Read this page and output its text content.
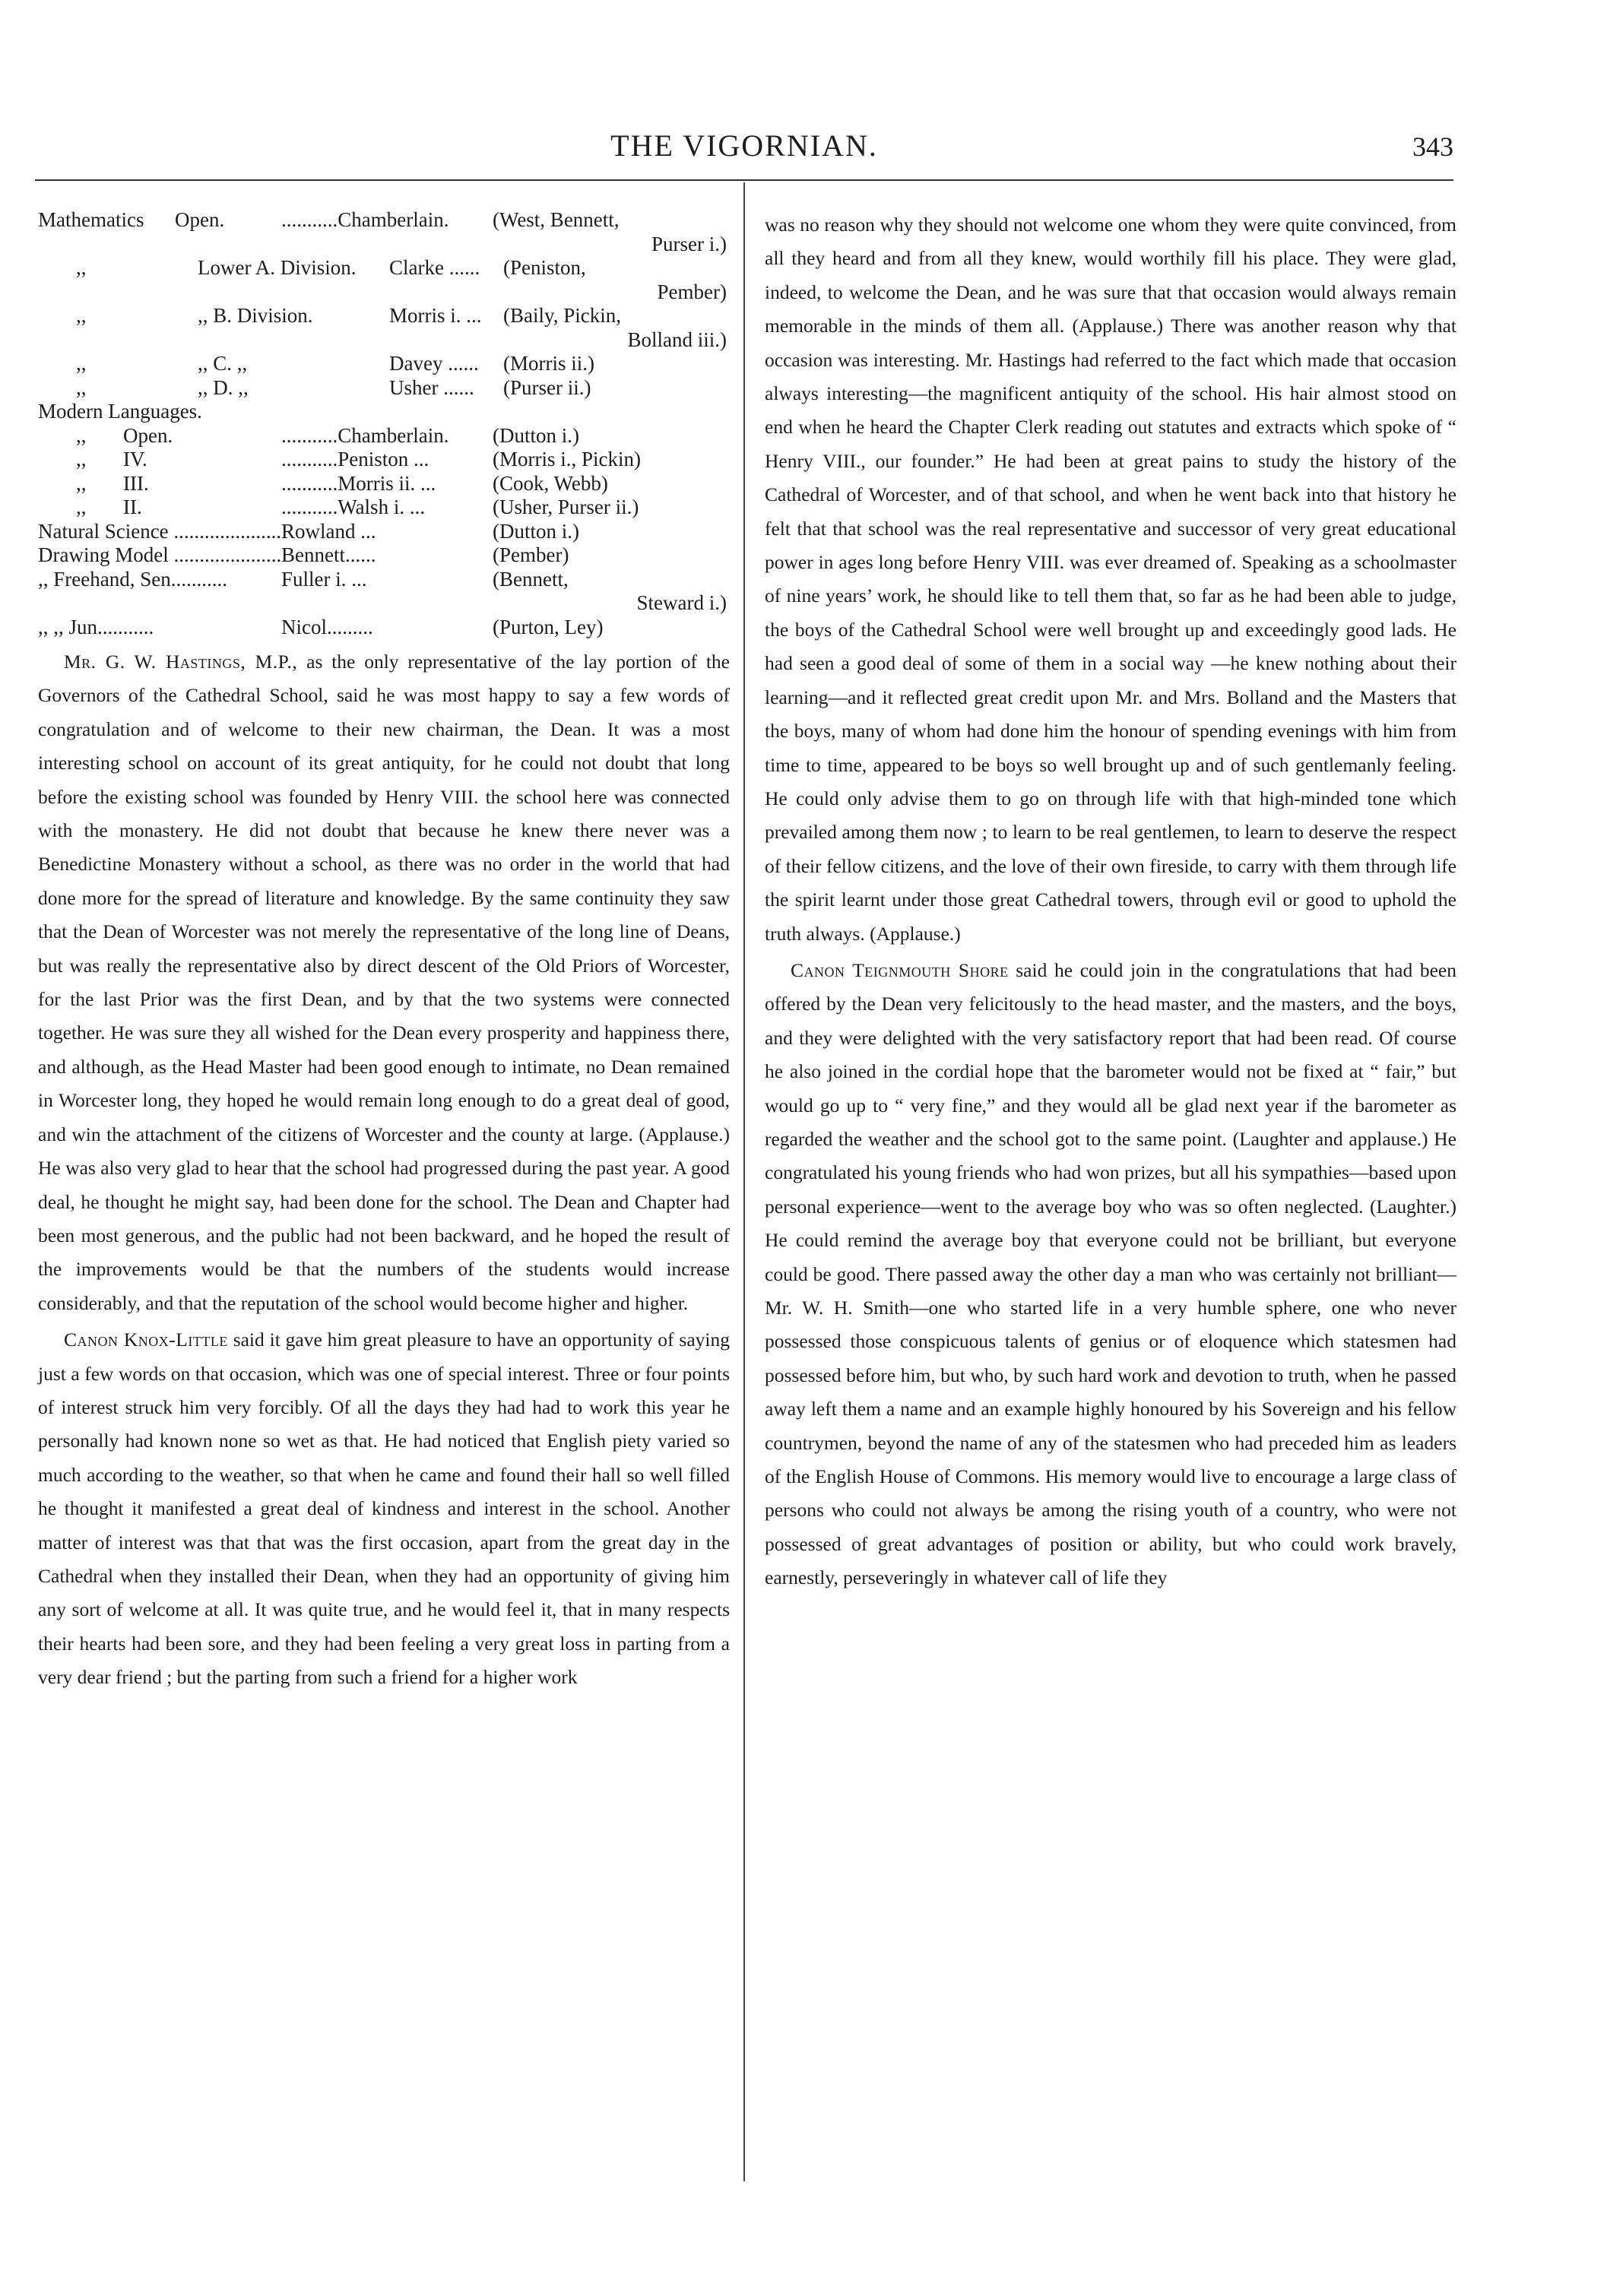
THE VIGORNIAN.	343
Mathematics Open.	...........Chamberlain. (West, Bennett,
Purser i.)
,,	Lower A. Division. Clarke ...... (Peniston,
Pember)
,,	,, B. Division.	Morris i. ... (Baily, Pickin,
Bolland iii.)
,,	,, C. ,,	Davey ...... (Morris ii.)
,,	,, D. ,,	Usher ...... (Purser ii.)
Modern Languages.
,, Open.	...........Chamberlain. (Dutton i.)
,, IV.	...........Peniston ...	(Morris i., Pickin)
,, III.	...........Morris ii. ...	(Cook, Webb)
,, II.	...........Walsh i. ...	(Usher, Purser ii.)
Natural Science ..................... Rowland ...	(Dutton i.)
Drawing Model ..................... Bennett......	(Pember)
,, Freehand, Sen...........	Fuller i. ...	(Bennett,
Steward i.)
,, ,, Jun...........	Nicol.........	(Purton, Ley)

Mr. G. W. Hastings, M.P., as the only representative of the lay portion of the Governors of the Cathedral School, said he was most happy to say a few words of congratulation and of welcome to their new chairman, the Dean. It was a most interesting school on account of its great antiquity, for he could not doubt that long before the existing school was founded by Henry VIII. the school here was connected with the monastery. He did not doubt that because he knew there never was a Benedictine Monastery without a school, as there was no order in the world that had done more for the spread of literature and knowledge. By the same continuity they saw that the Dean of Worcester was not merely the representative of the long line of Deans, but was really the representative also by direct descent of the Old Priors of Worcester, for the last Prior was the first Dean, and by that the two systems were connected together. He was sure they all wished for the Dean every prosperity and happiness there, and although, as the Head Master had been good enough to intimate, no Dean remained in Worcester long, they hoped he would remain long enough to do a great deal of good, and win the attachment of the citizens of Worcester and the county at large. (Applause.) He was also very glad to hear that the school had progressed during the past year. A good deal, he thought he might say, had been done for the school. The Dean and Chapter had been most generous, and the public had not been backward, and he hoped the result of the improvements would be that the numbers of the students would increase considerably, and that the reputation of the school would become higher and higher.

Canon Knox-Little said it gave him great pleasure to have an opportunity of saying just a few words on that occasion, which was one of special interest. Three or four points of interest struck him very forcibly. Of all the days they had had to work this year he personally had known none so wet as that. He had noticed that English piety varied so much according to the weather, so that when he came and found their hall so well filled he thought it manifested a great deal of kindness and interest in the school. Another matter of interest was that that was the first occasion, apart from the great day in the Cathedral when they installed their Dean, when they had an opportunity of giving him any sort of welcome at all. It was quite true, and he would feel it, that in many respects their hearts had been sore, and they had been feeling a very great loss in parting from a very dear friend ; but the parting from such a friend for a higher work

was no reason why they should not welcome one whom they were quite convinced, from all they heard and from all they knew, would worthily fill his place. They were glad, indeed, to welcome the Dean, and he was sure that that occasion would always remain memorable in the minds of them all. (Applause.) There was another reason why that occasion was interesting. Mr. Hastings had referred to the fact which made that occasion always interesting—the magnificent antiquity of the school. His hair almost stood on end when he heard the Chapter Clerk reading out statutes and extracts which spoke of “ Henry VIII., our founder.” He had been at great pains to study the history of the Cathedral of Worcester, and of that school, and when he went back into that history he felt that that school was the real representative and successor of very great educational power in ages long before Henry VIII. was ever dreamed of. Speaking as a schoolmaster of nine years’ work, he should like to tell them that, so far as he had been able to judge, the boys of the Cathedral School were well brought up and exceedingly good lads. He had seen a good deal of some of them in a social way —he knew nothing about their learning—and it reflected great credit upon Mr. and Mrs. Bolland and the Masters that the boys, many of whom had done him the honour of spending evenings with him from time to time, appeared to be boys so well brought up and of such gentlemanly feeling. He could only advise them to go on through life with that high-minded tone which prevailed among them now ; to learn to be real gentlemen, to learn to deserve the respect of their fellow citizens, and the love of their own fireside, to carry with them through life the spirit learnt under those great Cathedral towers, through evil or good to uphold the truth always. (Applause.)

Canon Teignmouth Shore said he could join in the congratulations that had been offered by the Dean very felicitously to the head master, and the masters, and the boys, and they were delighted with the very satisfactory report that had been read. Of course he also joined in the cordial hope that the barometer would not be fixed at “ fair,” but would go up to “ very fine,” and they would all be glad next year if the barometer as regarded the weather and the school got to the same point. (Laughter and applause.) He congratulated his young friends who had won prizes, but all his sympathies—based upon personal experience—went to the average boy who was so often neglected. (Laughter.) He could remind the average boy that everyone could not be brilliant, but everyone could be good. There passed away the other day a man who was certainly not brilliant—Mr. W. H. Smith—one who started life in a very humble sphere, one who never possessed those conspicuous talents of genius or of eloquence which statesmen had possessed before him, but who, by such hard work and devotion to truth, when he passed away left them a name and an example highly honoured by his Sovereign and his fellow countrymen, beyond the name of any of the statesmen who had preceded him as leaders of the English House of Commons. His memory would live to encourage a large class of persons who could not always be among the rising youth of a country, who were not possessed of great advantages of position or ability, but who could work bravely, earnestly, perseveringly in whatever call of life they
